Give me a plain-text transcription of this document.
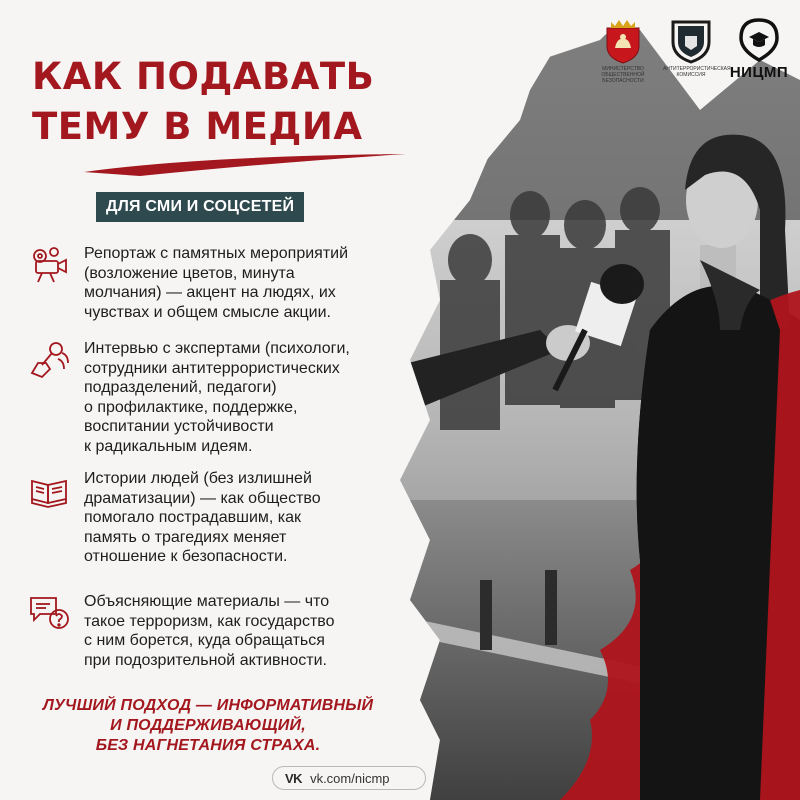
МИНИСТЕРСТВО ОБЩЕСТВЕННОЙ БЕЗОПАСНОСТИ
АНТИТЕРРОРИСТИЧЕСКАЯ КОМИССИЯ	НИЦМП
КАК ПОДАВАТЬ
ТЕМУ В МЕДИА
ДЛЯ СМИ И СОЦСЕТЕЙ
Репортаж с памятных мероприятий
(возложение цветов, минута
молчания) — акцент на людях, их
чувствах и общем смысле акции.
Интервью с экспертами (психологи,
сотрудники антитеррористических
подразделений, педагоги)
о профилактике, поддержке,
воспитании устойчивости
к радикальным идеям.
Истории людей (без излишней
драматизации) — как общество
помогало пострадавшим, как
память о трагедиях меняет
отношение к безопасности.
Объясняющие материалы — что
такое терроризм, как государство
с ним борется, куда обращаться
при подозрительной активности.
ЛУЧШИЙ ПОДХОД — ИНФОРМАТИВНЫЙ
И ПОДДЕРЖИВАЮЩИЙ,
БЕЗ НАГНЕТАНИЯ СТРАХА.
VK vk.com/nicmp
